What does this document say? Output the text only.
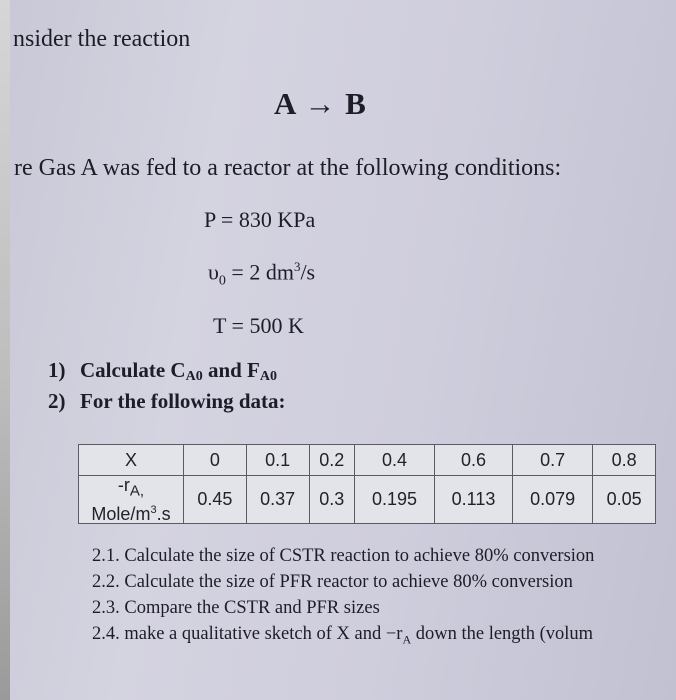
nsider the reaction
A → B
re Gas A was fed to a reactor at the following conditions:
P = 830 KPa
$\upsilon_0 = 2$ $dm^3/s$
T = 500 K
1) Calculate $C_{A0}$ and $F_{A0}$
2) For the following data:
X	0	0.1	0.2	0.4	0.6	0.7	0.8
$-r_{A,}$
Mole/$m^3.s$	0.45	0.37	0.3	0.195	0.113	0.079	0.05
2.1. Calculate the size of CSTR reaction to achieve 80% conversion
2.2. Calculate the size of PFR reactor to achieve 80% conversion
2.3. Compare the CSTR and PFR sizes
2.4. make a qualitative sketch of X and $-r_A$ down the length (volum
